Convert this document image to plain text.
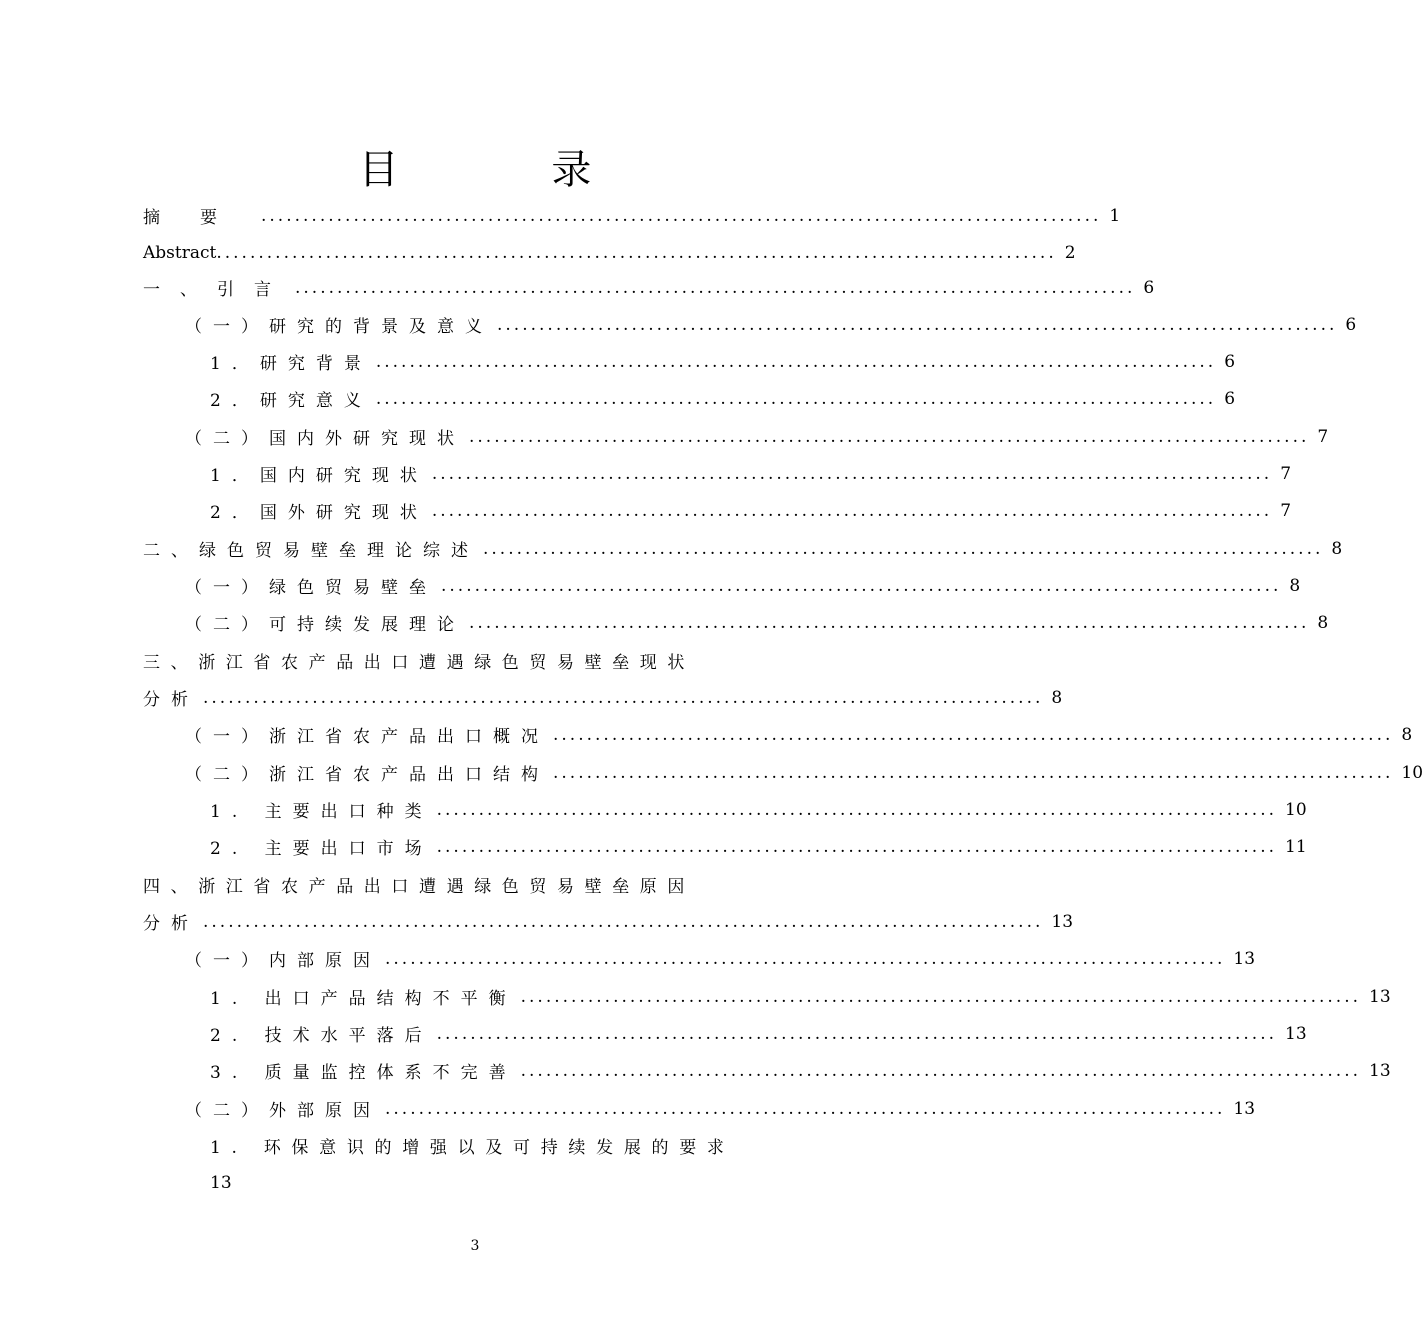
目 录
摘要 .................................................................................................... 1
Abstract .................................................................................................... 2
一、引言 .................................................................................................... 6
（一）研究的背景及意义 .................................................................................................... 6
1．研究背景 .................................................................................................... 6
2．研究意义 .................................................................................................... 6
（二）国内外研究现状 .................................................................................................... 7
1．国内研究现状 .................................................................................................... 7
2．国外研究现状 .................................................................................................... 7
二、绿色贸易壁垒理论综述 .................................................................................................... 8
（一）绿色贸易壁垒 .................................................................................................... 8
（二）可持续发展理论 .................................................................................................... 8
三、浙江省农产品出口遭遇绿色贸易壁垒现状
分析 .................................................................................................... 8
（一）浙江省农产品出口概况 .................................................................................................... 8
（二）浙江省农产品出口结构 .................................................................................................... 10
1. 主要出口种类 .................................................................................................... 10
2. 主要出口市场 .................................................................................................... 11
四、浙江省农产品出口遭遇绿色贸易壁垒原因
分析 .................................................................................................... 13
（一）内部原因 .................................................................................................... 13
1. 出口产品结构不平衡 .................................................................................................... 13
2. 技术水平落后 .................................................................................................... 13
3. 质量监控体系不完善 .................................................................................................... 13
（二）外部原因 .................................................................................................... 13
1. 环保意识的增强以及可持续发展的要求
13
3
